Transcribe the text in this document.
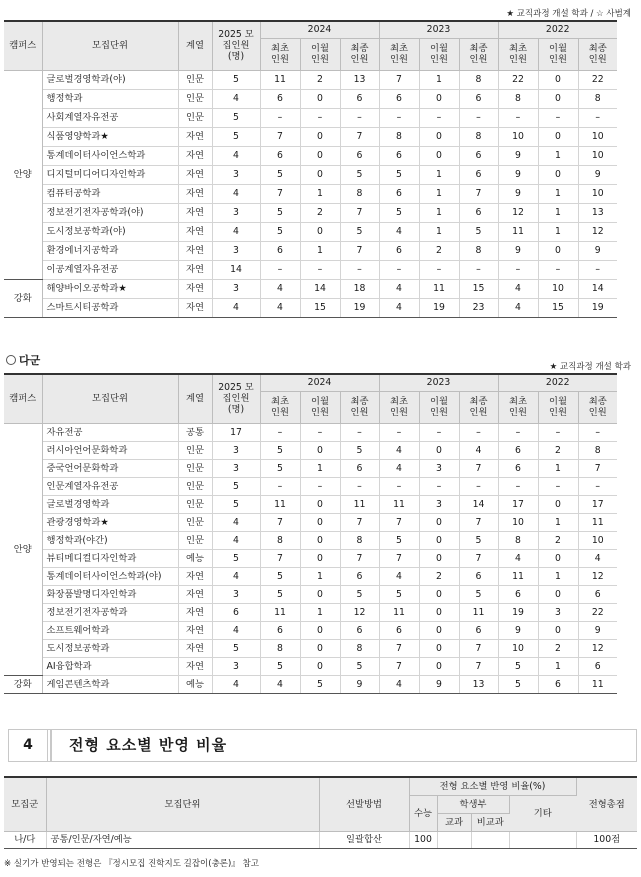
★ 교직과정 개설 학과 / ☆ 사범계
캠퍼스	모집단위	계열	2025 모집인원 (명)	2024			2023			2022		
				최초 인원	이월 인원	최종 인원	최초 인원	이월 인원	최종 인원	최초 인원	이월 인원	최종 인원
안양	글로벌경영학과(야)	인문	5	11	2	13	7	1	8	22	0	22
	행정학과	인문	4	6	0	6	6	0	6	8	0	8
	사회계열자유전공	인문	5	–	–	–	–	–	–	–	–	–
	식품영양학과★	자연	5	7	0	7	8	0	8	10	0	10
	통계데이터사이언스학과	자연	4	6	0	6	6	0	6	9	1	10
	디지털미디어디자인학과	자연	3	5	0	5	5	1	6	9	0	9
	컴퓨터공학과	자연	4	7	1	8	6	1	7	9	1	10
	정보전기전자공학과(야)	자연	3	5	2	7	5	1	6	12	1	13
	도시정보공학과(야)	자연	4	5	0	5	4	1	5	11	1	12
	환경에너지공학과	자연	3	6	1	7	6	2	8	9	0	9
	이공계열자유전공	자연	14	–	–	–	–	–	–	–	–	–
강화	해양바이오공학과★	자연	3	4	14	18	4	11	15	4	10	14
	스마트시티공학과	자연	4	4	15	19	4	19	23	4	15	19
다군	★ 교직과정 개설 학과
캠퍼스	모집단위	계열	2025 모집인원 (명)	2024			2023			2022		
				최초 인원	이월 인원	최종 인원	최초 인원	이월 인원	최종 인원	최초 인원	이월 인원	최종 인원
안양	자유전공	공통	17	–	–	–	–	–	–	–	–	–
	러시아언어문화학과	인문	3	5	0	5	4	0	4	6	2	8
	중국언어문화학과	인문	3	5	1	6	4	3	7	6	1	7
	인문계열자유전공	인문	5	–	–	–	–	–	–	–	–	–
	글로벌경영학과	인문	5	11	0	11	11	3	14	17	0	17
	관광경영학과★	인문	4	7	0	7	7	0	7	10	1	11
	행정학과(야간)	인문	4	8	0	8	5	0	5	8	2	10
	뷰티메디컬디자인학과	예능	5	7	0	7	7	0	7	4	0	4
	통계데이터사이언스학과(야)	자연	4	5	1	6	4	2	6	11	1	12
	화장품발명디자인학과	자연	3	5	0	5	5	0	5	6	0	6
	정보전기전자공학과	자연	6	11	1	12	11	0	11	19	3	22
	소프트웨어학과	자연	4	6	0	6	6	0	6	9	0	9
	도시정보공학과	자연	5	8	0	8	7	0	7	10	2	12
	AI융합학과	자연	3	5	0	5	7	0	7	5	1	6
강화	게임콘텐츠학과	예능	4	4	5	9	4	9	13	5	6	11
4	전형 요소별 반영 비율
모집군	모집단위	선발방법	전형 요소별 반영 비율(%)				전형총점
			수능	학생부		기타	
				교과	비교과		
나/다	공통/인문/자연/예능	일괄합산	100				100점
※ 실기가 반영되는 전형은 『정시모집 진학지도 길잡이(충론)』 참고
